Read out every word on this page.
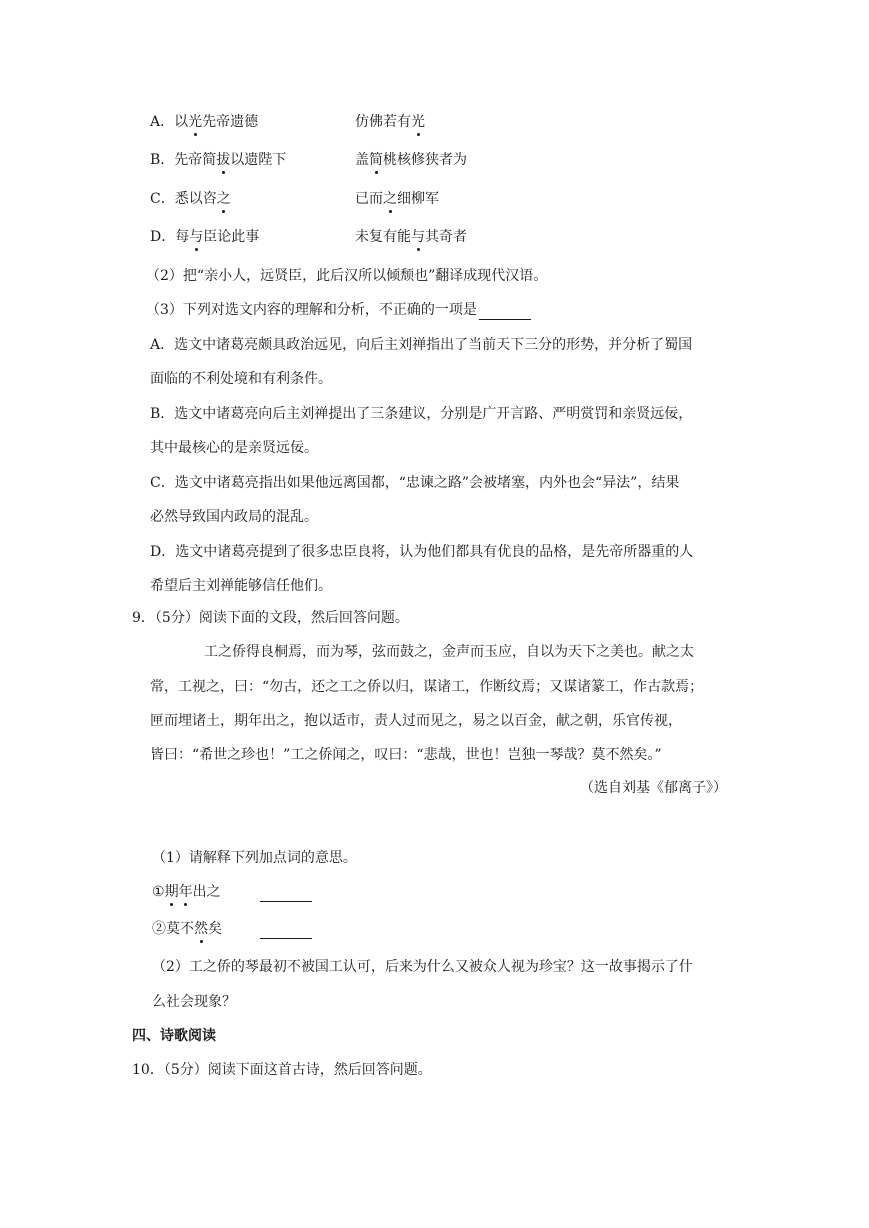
A．以光先帝遗德	仿佛若有光
B．先帝简拔以遗陛下	盖简桃核修狭者为
C．悉以咨之	已而之细柳军
D．每与臣论此事	未复有能与其奇者
（2）把“亲小人，远贤臣，此后汉所以倾颓也”翻译成现代汉语。
（3）下列对选文内容的理解和分析，不正确的一项是
A．选文中诸葛亮颇具政治远见，向后主刘禅指出了当前天下三分的形势，并分析了蜀国
面临的不利处境和有利条件。
B．选文中诸葛亮向后主刘禅提出了三条建议，分别是广开言路、严明赏罚和亲贤远佞，
其中最核心的是亲贤远佞。
C．选文中诸葛亮指出如果他远离国都，“忠谏之路”会被堵塞，内外也会“异法”，结果
必然导致国内政局的混乱。
D．选文中诸葛亮提到了很多忠臣良将，认为他们都具有优良的品格，是先帝所器重的人
希望后主刘禅能够信任他们。
9．（5分）阅读下面的文段，然后回答问题。
工之侨得良桐焉，而为琴，弦而鼓之，金声而玉应，自以为天下之美也。献之太
常，工视之，曰：“勿古，还之工之侨以归，谋诸工，作断纹焉；又谋诸篆工，作古款焉；
匣而埋诸土，期年出之，抱以适市，责人过而见之，易之以百金，献之朝，乐官传视，
皆曰：“希世之珍也！”工之侨闻之，叹曰：“悲哉，世也！岂独一琴哉？莫不然矣。”
（选自刘基《郁离子》）
（1）请解释下列加点词的意思。
①期年出之
②莫不然矣
（2）工之侨的琴最初不被国工认可，后来为什么又被众人视为珍宝？这一故事揭示了什
么社会现象？
四、诗歌阅读
10．（5分）阅读下面这首古诗，然后回答问题。
